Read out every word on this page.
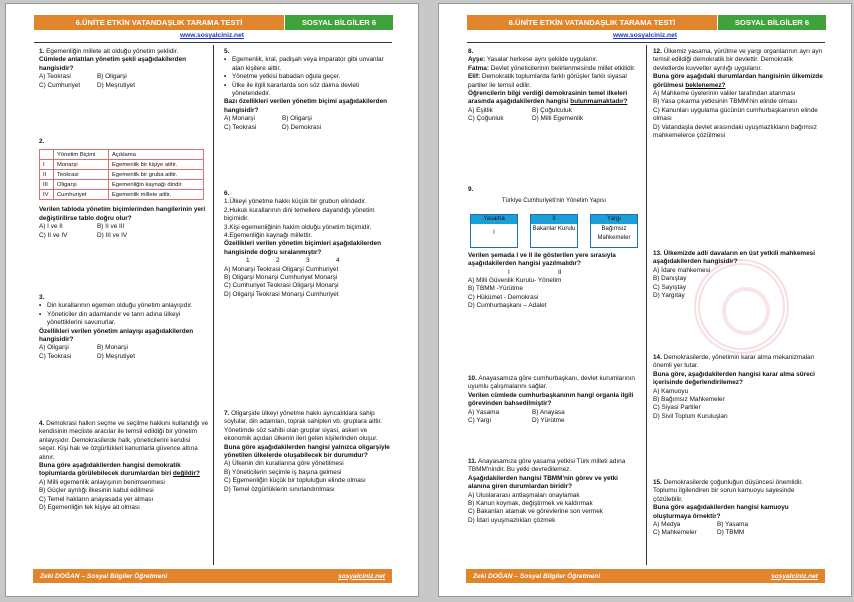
6.ÜNİTE ETKİN VATANDAŞLIK TARAMA TESTİ	SOSYAL BİLGİLER 6
www.sosyalciniz.net
1. Egemenliğin millete ait olduğu yönetim şeklidir.
Cümlede anlatılan yönetim şekli aşağıdakilerden hangisidir?
A) Teokrasi	B) Oligarşi
C) Cumhuriyet	D) Meşrutiyet
2.
	Yönetim Biçimi	Açıklama
I	Monarşi	Egemenlik bir kişiye aittir.
II	Teokrasi	Egemenlik bir gruba aittir.
III	Oligarşi	Egemenliğin kaynağı dindir.
IV	Cumhuriyet	Egemenlik millete aittir.
Verilen tabloda yönetim biçimlerinden hangilerinin yeri değiştirilirse tablo doğru olur?
A) I ve II	B) II ve III
C) II ve IV	D) III ve IV
3.
• Din kurallarının egemen olduğu yönetim anlayışıdır.
• Yöneticiler din adamlarıdır ve tanrı adına ülkeyi yönettiklerini savunurlar.
Özellikleri verilen yönetim anlayışı aşağıdakilerden hangisidir?
A) Oligarşi	B) Monarşi
C) Teokrasi	D) Meşrutiyet
4. Demokrasi halkın seçme ve seçilme hakkını kullandığı ve kendisinin mecliste aracılar ile temsil edildiği bir yönetim anlayışıdır. Demokrasilerde halk, yöneticilerini kendisi seçer. Kişi hak ve özgürlükleri kanunlarla güvence altına alınır.
Buna göre aşağıdakilerden hangisi demokratik toplumlarda görülebilecek durumlardan biri değildir?
A) Milli egemenlik anlayışının benimsenmesi
B) Güçler ayrılığı ilkesinin kabul edilmesi
C) Temel hakların anayasada yer alması
D) Egemenliğin tek kişiye ait olması
5.
• Egemenlik, kral, padişah veya imparator gibi unvanlar alan kişilere aittir.
• Yönetme yetkisi babadan oğula geçer.
• Ülke ile ilgili kararlarda son söz daima devleti yönetendedir.
Bazı özellikleri verilen yönetim biçimi aşağıdakilerden hangisidir?
A) Monarşi	B) Oligarşi
C) Teokrasi	D) Demokrasi
6.
1.Ülkeyi yönetme hakkı küçük bir grubun elindedir.
2.Hukuk kurallarının dini temellere dayandığı yönetim biçimidir.
3.Kişi egemenliğinin hakim olduğu yönetim biçimidir.
4.Egemenliğin kaynağı millettir.
Özellikleri verilen yönetim biçimleri aşağıdakilerden hangisinde doğru sıralanmıştır?
1	2	3	4
A) Monarşi Teokrasi Oligarşi Cumhuriyet
B) Oligarşi Monarşi Cumhuriyet Monarşi
C) Cumhuriyet Teokrasi Oligarşi Monarşi
D) Oligarşi Teokrasi Monarşi Cumhuriyet
7. Oligarşide ülkeyi yönetme hakkı ayrıcalıklara sahip soylular, din adamları, toprak sahipleri vb. gruplara aittir. Yönetimde söz sahibi olan gruplar siyasi, askeri ve ekonomik açıdan ülkenin ileri gelen kişilerinden oluşur.
Buna göre aşağıdakilerden hangisi yalnızca oligarşiyle yönetilen ülkelerde oluşabilecek bir durumdur?
A) Ülkenin din kurallarına göre yönetilmesi
B) Yöneticilerin seçimle iş başına gelmesi
C) Egemenliğin küçük bir topluluğun elinde olması
D) Temel özgürlüklerin sınırlandırılması
Zeki DOĞAN – Sosyal Bilgiler Öğretmeni	sosyalciniz.net
6.ÜNİTE ETKİN VATANDAŞLIK TARAMA TESTİ	SOSYAL BİLGİLER 6
www.sosyalciniz.net
8.
Ayşe: Yasalar herkese aynı şekilde uygulanır.
Fatma: Devlet yöneticilerinin belirlenmesinde millet etkilidir.
Elif: Demokratik toplumlarda farklı görüşler farklı siyasal partiler ile temsil edilir.
Öğrencilerin bilgi verdiği demokrasinin temel ilkeleri arasında aşağıdakilerden hangisi bulunmamaktadır?
A) Eşitlik	B) Çoğulculuk
C) Çoğunluk	D) Milli Egemenlik
9.
Türkiye Cumhuriyeti'nin Yönetim Yapısı
Yasama
I
II
Bakanlar Kurulu
Yargı
Bağımsız Mahkemeler
Verilen şemada I ve II ile gösterilen yere sırasıyla aşağıdakilerden hangisi yazılmalıdır?
I	II
A) Milli Güvenlik Kurulu- Yönetim
B) TBMM -Yürütme
C) Hükümet - Demokrasi
D) Cumhurbaşkanı – Adalet
10. Anayasamıza göre cumhurbaşkanı, devlet kurumlarının uyumlu çalışmalarını sağlar.
Verilen cümlede cumhurbaşkanının hangi organla ilgili görevinden bahsedilmiştir?
A) Yasama	B) Anayasa
C) Yargı	D) Yürütme
11. Anayasamıza göre yasama yetkisi Türk milleti adına TBMM'nindir. Bu yetki devredilemez.
Aşağıdakilerden hangisi TBMM'nin görev ve yetki alanına giren durumlardan biridir?
A) Uluslararası antlaşmaları onaylamak
B) Kanun koymak, değiştirmek ve kaldırmak
C) Bakanları atamak ve görevlerine son vermek
D) İdari uyuşmazlıkları çözmek
12. Ülkemiz yasama, yürütme ve yargı organlarının ayrı ayrı temsil edildiği demokratik bir devlettir. Demokratik devletlerde kuvvetler ayrılığı uygulanır.
Buna göre aşağıdaki durumlardan hangisinin ülkemizde görülmesi beklenemez?
A) Mahkeme üyelerinin valiler tarafından atanması
B) Yasa çıkarma yetkisinin TBMM'nin elinde olması
C) Kanunları uygulama gücünün cumhurbaşkanının elinde olması
D) Vatandaşla devlet arasındaki uyuşmazlıkların bağımsız mahkemelerce çözülmesi
13. Ülkemizde adli davaların en üst yetkili mahkemesi aşağıdakilerden hangisidir?
A) İdare mahkemesi
B) Danıştay
C) Sayıştay
D) Yargıtay
14. Demokrasilerde, yönetimin karar alma mekanizmaları önemli yer tutar.
Buna göre, aşağıdakilerden hangisi karar alma süreci içerisinde değerlendirilemez?
A) Kamuoyu
B) Bağımsız Mahkemeler
C) Siyasi Partiler
D) Sivil Toplum Kuruluşları
15. Demokrasilerde çoğunluğun düşüncesi önemlidir. Toplumu ilgilendiren bir sorun kamuoyu sayesinde çözülebilir.
Buna göre aşağıdakilerden hangisi kamuoyu oluşturmaya örnektir?
A) Medya	B) Yasama
C) Mahkemeler	D) TBMM
Zeki DOĞAN – Sosyal Bilgiler Öğretmeni	sosyalciniz.net
